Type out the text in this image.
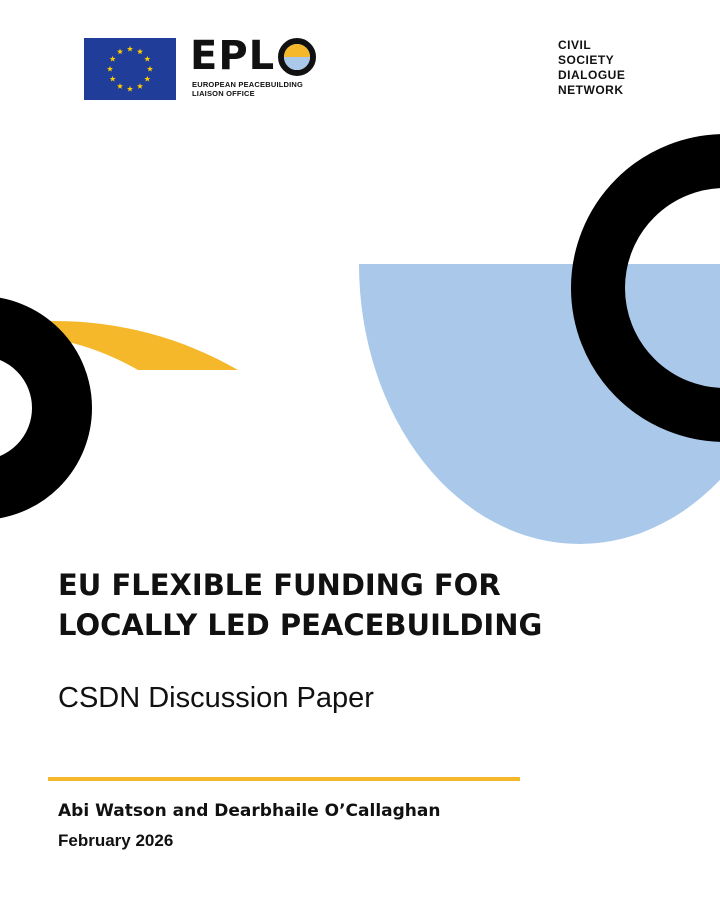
EPL
EUROPEAN PEACEBUILDING
LIAISON OFFICE
CIVIL
SOCIETY
DIALOGUE
NETWORK
EU FLEXIBLE FUNDING FOR
LOCALLY LED PEACEBUILDING
CSDN Discussion Paper
Abi Watson and Dearbhaile O’Callaghan
February 2026
